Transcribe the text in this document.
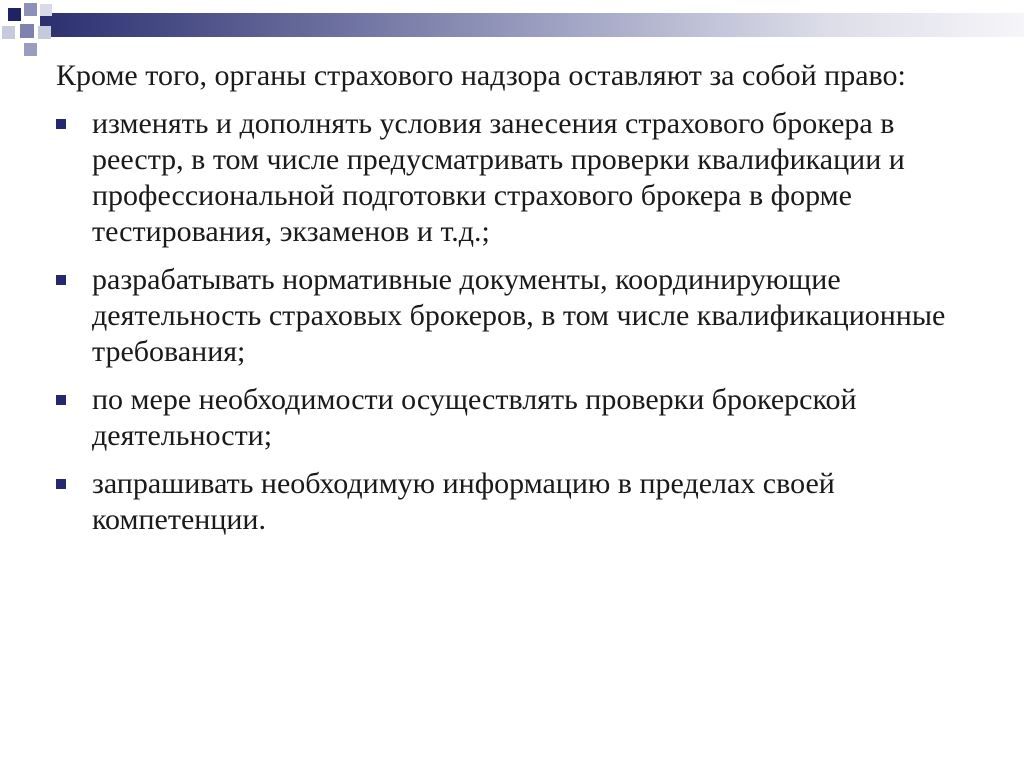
Кроме того, органы страхового надзора оставляют за собой право:

изменять и дополнять условия занесения страхового брокера в реестр, в том числе предусматривать проверки квалификации и профессиональной подготовки страхового брокера в форме тестирования, экзаменов и т.д.;
разрабатывать нормативные документы, координирующие деятельность страховых брокеров, в том числе квалификационные требования;
по мере необходимости осуществлять проверки брокерской деятельности;
запрашивать необходимую информацию в пределах своей компетенции.
